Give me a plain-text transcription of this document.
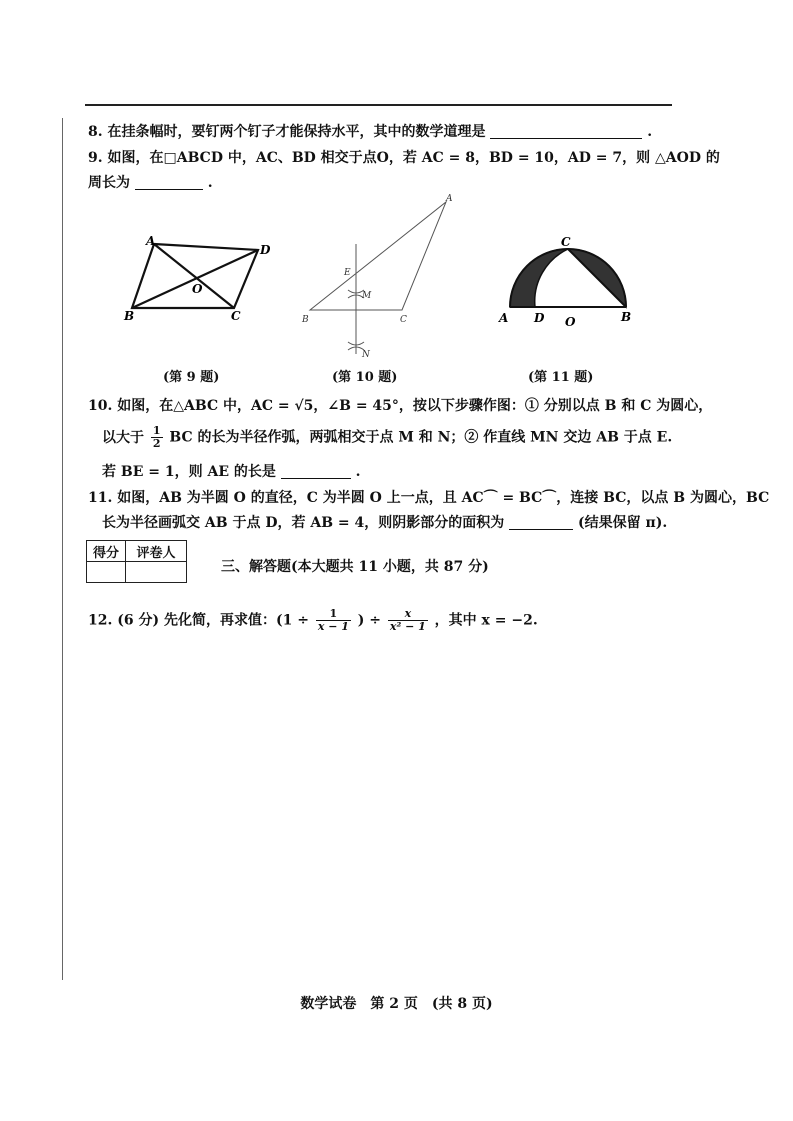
8. 在挂条幅时，要钉两个钉子才能保持水平，其中的数学道理是	.
9. 如图，在□ABCD 中，AC、BD 相交于点O，若 AC = 8，BD = 10，AD = 7，则 △AOD 的
周长为	.
A
D
B	C
O
(第 9 题)
A
B	C
E
M
N
(第 10 题)
A D O	B
C
(第 11 题)
10. 如图，在△ABC 中，AC = √5，∠B = 45°，按以下步骤作图：① 分别以点 B 和 C 为圆心，
以大于 $\frac{1}{2}$ BC 的长为半径作弧，两弧相交于点 M 和 N；② 作直线 MN 交边 AB 于点 E.
若 BE = 1，则 AE 的长是	.
11. 如图，AB 为半圆 O 的直径，C 为半圆 O 上一点，且 AC⌒ = BC⌒，连接 BC，以点 B 为圆心，BC
长为半径画弧交 AB 于点 D，若 AB = 4，则阴影部分的面积为	(结果保留 π).
得分	评卷人

三、解答题(本大题共 11 小题，共 87 分)
12. (6 分) 先化简，再求值：($1 \div \frac{1}{x - 1}$ ) ÷ $\frac{x}{\text{x² − 1}}$ ，其中 x = −2.
数学试卷　第 2 页　(共 8 页)
